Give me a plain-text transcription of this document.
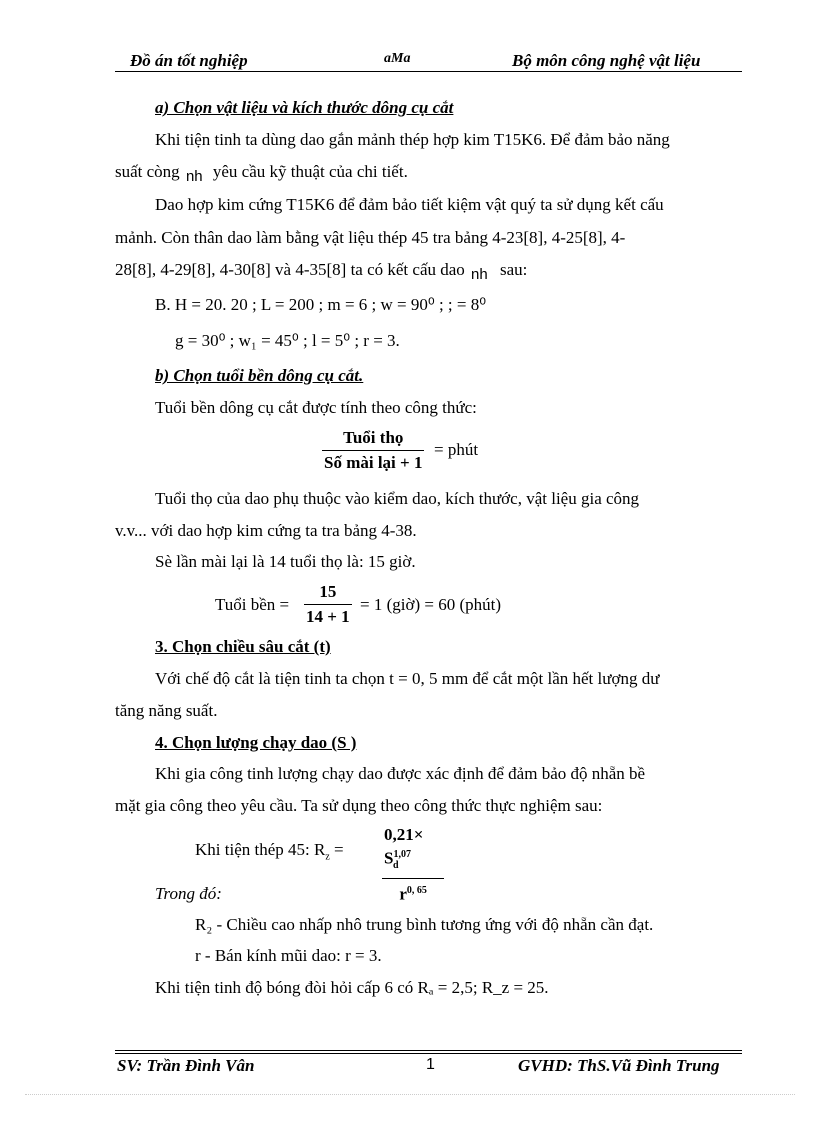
Đồ án tốt nghiệp	aMa	Bộ môn công nghệ vật liệu
a) Chọn vật liệu và kích thước dông cụ cắt
Khi tiện tinh ta dùng dao gắn mảnh thép hợp kim T15K6. Để đảm bảo năng
suất còng nh yêu cầu kỹ thuật của chi tiết.
Dao hợp kim cứng T15K6 để đảm bảo tiết kiệm vật quý ta sử dụng kết cấu
mảnh. Còn thân dao làm bằng vật liệu thép 45 tra bảng 4-23[8], 4-25[8], 4-
28[8], 4-29[8], 4-30[8] và 4-35[8] ta có kết cấu dao nh sau:
B. H = 20. 20 ; L = 200 ; m = 6 ; w = 90⁰ ; ; = 8⁰
g = 30⁰ ; w₁ = 45⁰ ; l = 5⁰ ; r = 3.
b) Chọn tuổi bền dông cụ cắt.
Tuổi bền dông cụ cắt được tính theo công thức:
Tuổi thọ
Số mài lại + 1
= phút
Tuổi thọ của dao phụ thuộc vào kiểm dao, kích thước, vật liệu gia công
v.v... với dao hợp kim cứng ta tra bảng 4-38.
Sè lần mài lại là 14 tuổi thọ là: 15 giờ.
Tuổi bền =
15
14 + 1
= 1 (giờ) = 60 (phút)
3. Chọn chiều sâu cắt (t)
Với chế độ cắt là tiện tinh ta chọn t = 0, 5 mm để cắt một lần hết lượng dư
tăng năng suất.
4. Chọn lượng chạy dao (S )
Khi gia công tinh lượng chạy dao được xác định để đảm bảo độ nhẵn bề
mặt gia công theo yêu cầu. Ta sử dụng theo công thức thực nghiệm sau:
Khi tiện thép 45: $R_z$ =
0,21× S$^{1,07}_d$
$r^{0, 65}$
Trong đó:
R₂ - Chiều cao nhấp nhô trung bình tương ứng với độ nhẵn cần đạt.
r - Bán kính mũi dao: r = 3.
Khi tiện tinh độ bóng đòi hỏi cấp 6 có Rₐ = 2,5; R_z = 25.
SV: Trần Đình Vân	1	GVHD: ThS.Vũ Đình Trung
